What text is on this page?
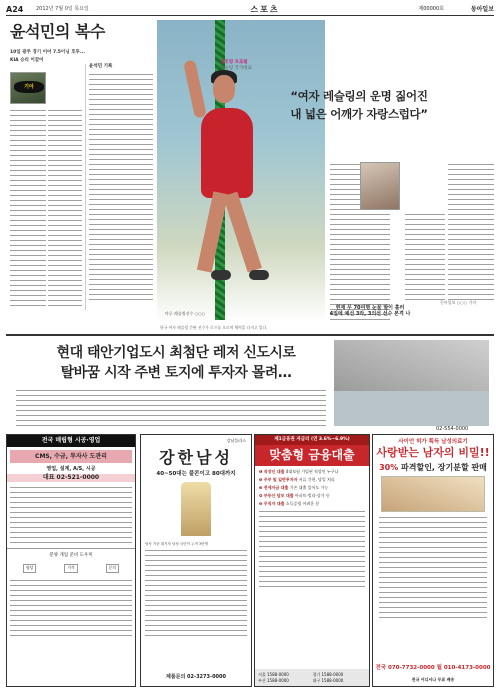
A24	2012년 7월 0일 목요일	스포츠	제00000호	동아일보
윤석민의 복수

10일 광주 경기 이어 7.5이닝 호투...

KIA 승리 이끌어

기아
윤석민 기록
마루 레슬링선수 ○○○
김호영 프로필
레슬링 국가대표
“여자 레슬링의 운명 짊어진
내 넓은 어깨가 자랑스럽다”
현재 무 70여명 눈물 발이 흘러
4일에 예선 3라, 3의선 선수 본격 나
동아일보 ○○○ 기자
한국 여자 레슬링 간판 선수가 로프를 오르며 체력을 다지고 있다.
현대 태안기업도시 최첨단 레저 신도시로
탈바꿈 시작 주변 토지에 투자자 몰려…
02-554-0000
전국 매립형 시공·영업
CMS, 수금, 투자사 도관리
영업, 설계, A/S, 시공
대표 02-521-0000
분양 개업 준비 도우미
평당	가격	문의
강남플라스
강한남성
40~50대는 풀콘이고 80대까지
당사 기준 대기자 남성 국민이 누적 3만명
제품문의 02-3273-0000
제1금융권 자금리 (연 3.6%~6.9%)
맞춤형 금융대출
❶ 직장인 대출 4대보험 가입된 직장인 누구나
❷ 주부 및 일반투자자 서류 간편, 당일 처리
❸ 전세자금 대출 기존 대출 있어도 가능
❹ 부동산 담보 대출 아파트·빌라·상가 등
❺ 무직자 대출 소득증빙 어려운 분
서울 1588-0000	경기 1588-0000
부산 1588-0000	대구 1588-0000
사이언 허가 획득 남성의료기
사랑받는 남자의 비밀!!
30% 파격할인, 장기분할 판매
전국 070-7732-0000 월 010-4173-0000
전국 어디서나 무료 배송
